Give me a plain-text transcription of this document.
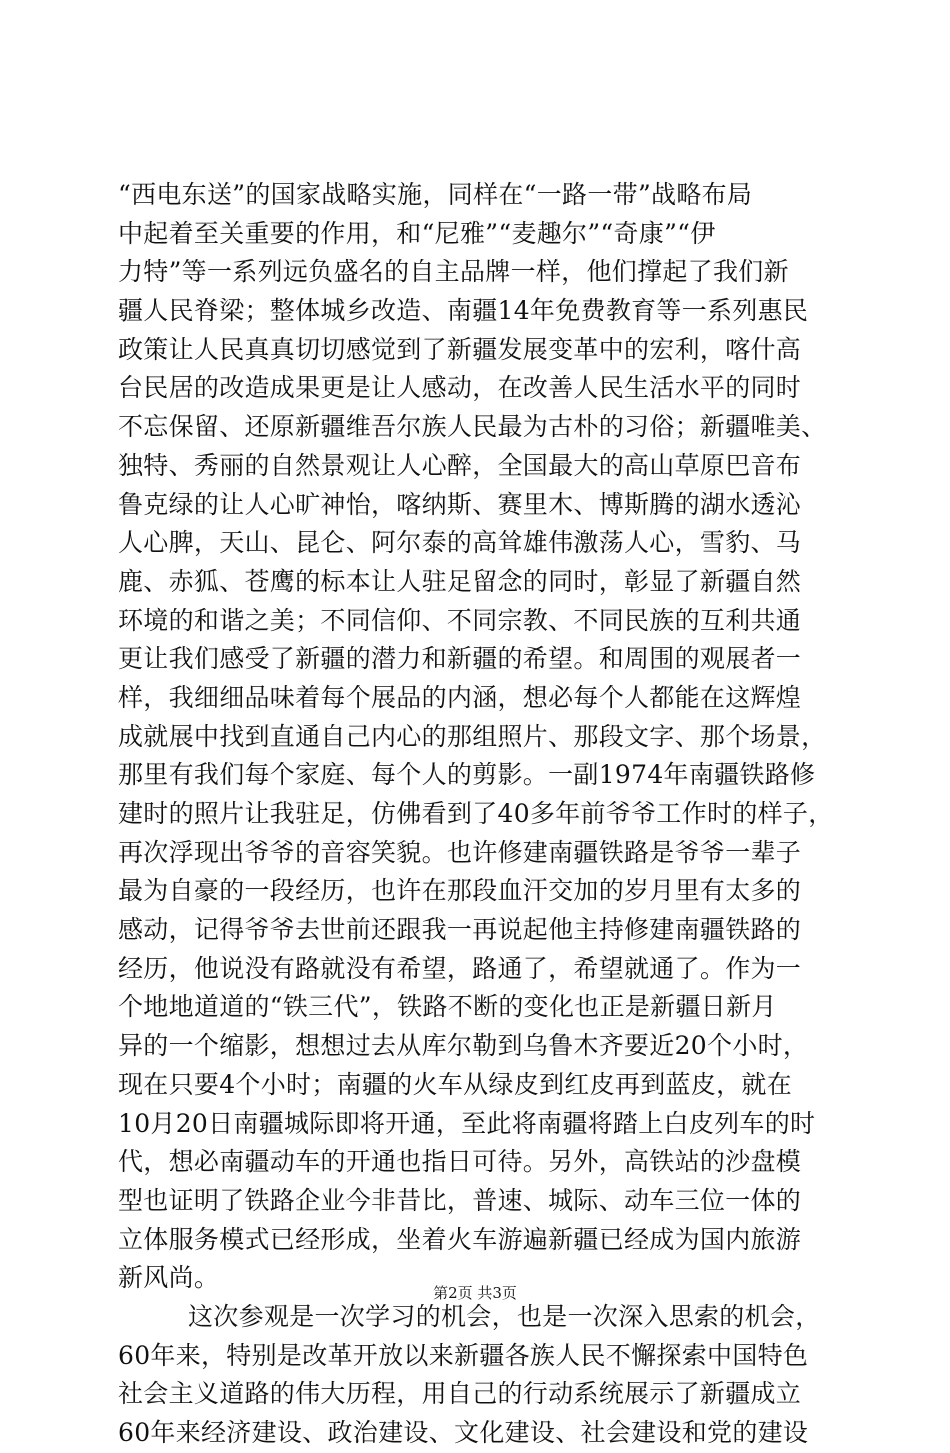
“西电东送”的国家战略实施，同样在“一路一带”战略布局
中起着至关重要的作用，和“尼雅”“麦趣尔”“奇康”“伊
力特”等一系列远负盛名的自主品牌一样，他们撑起了我们新
疆人民脊梁；整体城乡改造、南疆14年免费教育等一系列惠民
政策让人民真真切切感觉到了新疆发展变革中的宏利，喀什高
台民居的改造成果更是让人感动，在改善人民生活水平的同时
不忘保留、还原新疆维吾尔族人民最为古朴的习俗；新疆唯美、
独特、秀丽的自然景观让人心醉，全国最大的高山草原巴音布
鲁克绿的让人心旷神怡，喀纳斯、赛里木、博斯腾的湖水透沁
人心脾，天山、昆仑、阿尔泰的高耸雄伟激荡人心，雪豹、马
鹿、赤狐、苍鹰的标本让人驻足留念的同时，彰显了新疆自然
环境的和谐之美；不同信仰、不同宗教、不同民族的互利共通
更让我们感受了新疆的潜力和新疆的希望。和周围的观展者一
样，我细细品味着每个展品的内涵，想必每个人都能在这辉煌
成就展中找到直通自己内心的那组照片、那段文字、那个场景，
那里有我们每个家庭、每个人的剪影。一副1974年南疆铁路修
建时的照片让我驻足，仿佛看到了40多年前爷爷工作时的样子，
再次浮现出爷爷的音容笑貌。也许修建南疆铁路是爷爷一辈子
最为自豪的一段经历，也许在那段血汗交加的岁月里有太多的
感动，记得爷爷去世前还跟我一再说起他主持修建南疆铁路的
经历，他说没有路就没有希望，路通了，希望就通了。作为一
个地地道道的“铁三代”，铁路不断的变化也正是新疆日新月
异的一个缩影，想想过去从库尔勒到乌鲁木齐要近20个小时，
现在只要4个小时；南疆的火车从绿皮到红皮再到蓝皮，就在
10月20日南疆城际即将开通，至此将南疆将踏上白皮列车的时
代，想必南疆动车的开通也指日可待。另外，高铁站的沙盘模
型也证明了铁路企业今非昔比，普速、城际、动车三位一体的
立体服务模式已经形成，坐着火车游遍新疆已经成为国内旅游
新风尚。
这次参观是一次学习的机会，也是一次深入思索的机会，
60年来，特别是改革开放以来新疆各族人民不懈探索中国特色
社会主义道路的伟大历程，用自己的行动系统展示了新疆成立
60年来经济建设、政治建设、文化建设、社会建设和党的建设
第2页 共3页
